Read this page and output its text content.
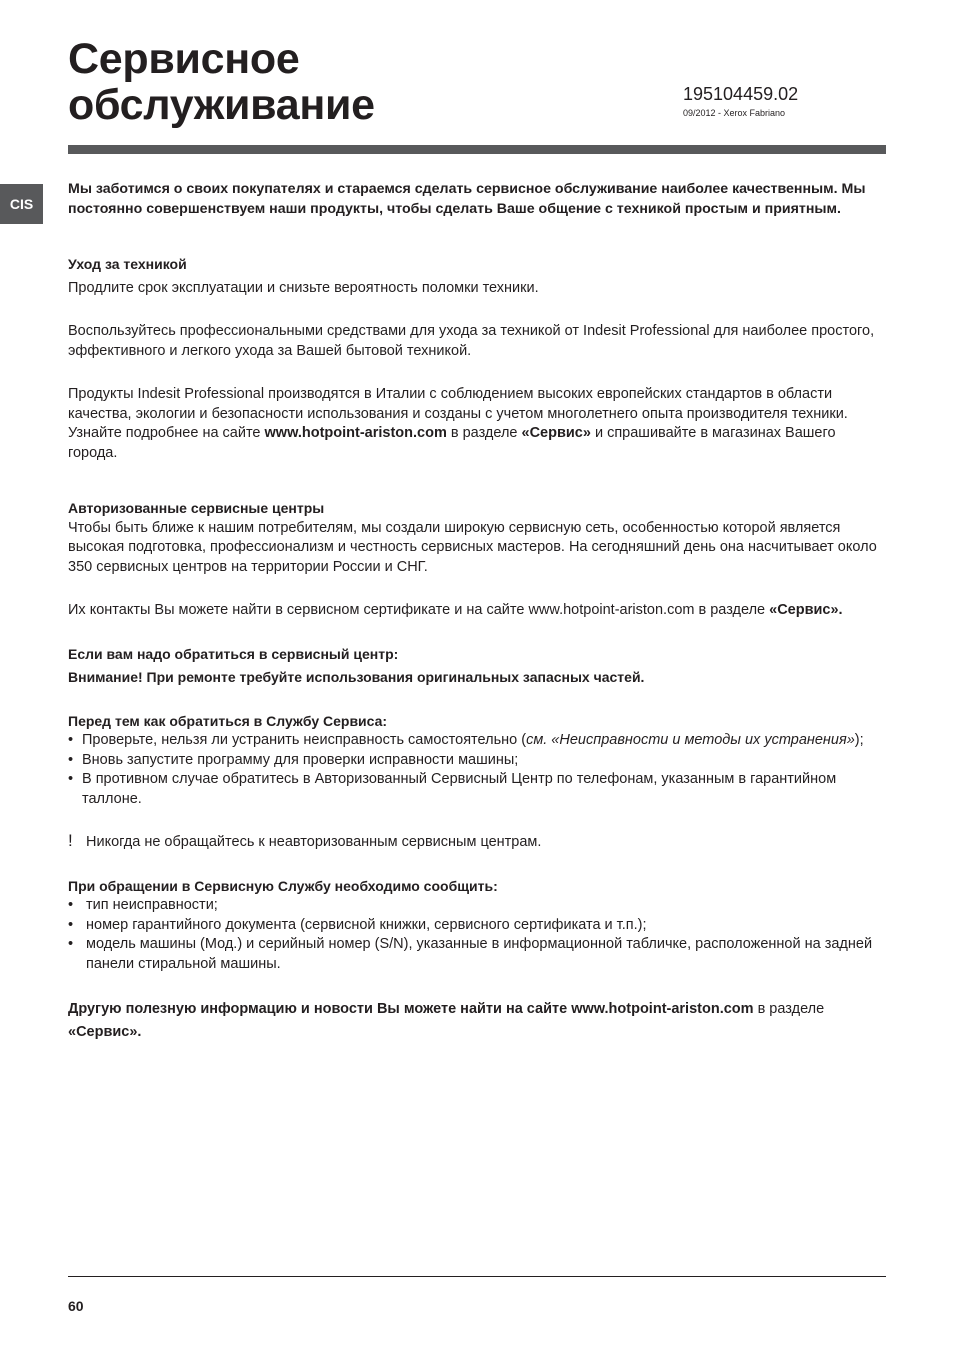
Сервисное
обслуживание	195104459.02
09/2012 - Xerox Fabriano
CIS

Мы заботимся о своих покупателях и стараемся сделать сервисное обслуживание наиболее качественным. Мы постоянно совершенствуем наши продукты, чтобы сделать Ваше общение с техникой простым и приятным.

Уход за техникой

Продлите срок эксплуатации и снизьте вероятность поломки техники.

Воспользуйтесь профессиональными средствами для ухода за техникой от Indesit Professional для наиболее простого, эффективного и легкого ухода за Вашей бытовой техникой.

Продукты Indesit Professional производятся в Италии с соблюдением высоких европейских стандартов в области качества, экологии и безопасности использования и созданы с учетом многолетнего опыта производителя техники. Узнайте подробнее на сайте www.hotpoint-ariston.com в разделе «Сервис» и спрашивайте в магазинах Вашего города.

Авторизованные сервисные центры

Чтобы быть ближе к нашим потребителям, мы создали широкую сервисную сеть, особенностью которой является высокая подготовка, профессионализм и честность сервисных мастеров. На сегодняшний день она насчитывает около 350 сервисных центров на территории России и СНГ.

Их контакты Вы можете найти в сервисном сертификате и на сайте www.hotpoint-ariston.com в разделе «Сервис».

Если вам надо обратиться в сервисный центр:

Внимание! При ремонте требуйте использования оригинальных запасных частей.

Перед тем как обратиться в Службу Сервиса:

• Проверьте, нельзя ли устранить неисправность самостоятельно (см. «Неисправности и методы их устранения»);
• Вновь запустите программу для проверки исправности машины;
• В противном случае обратитесь в Авторизованный Сервисный Центр по телефонам, указанным в гарантийном таллоне.
! Никогда не обращайтесь к неавторизованным сервисным центрам.

При обращении в Сервисную Службу необходимо сообщить:

• тип неисправности;
• номер гарантийного документа (сервисной книжки, сервисного сертификата и т.п.);
• модель машины (Мод.) и серийный номер (S/N), указанные в информационной табличке, расположенной на задней панели стиральной машины.

Другую полезную информацию и новости Вы можете найти на сайте www.hotpoint-ariston.com в разделе «Сервис».

60
